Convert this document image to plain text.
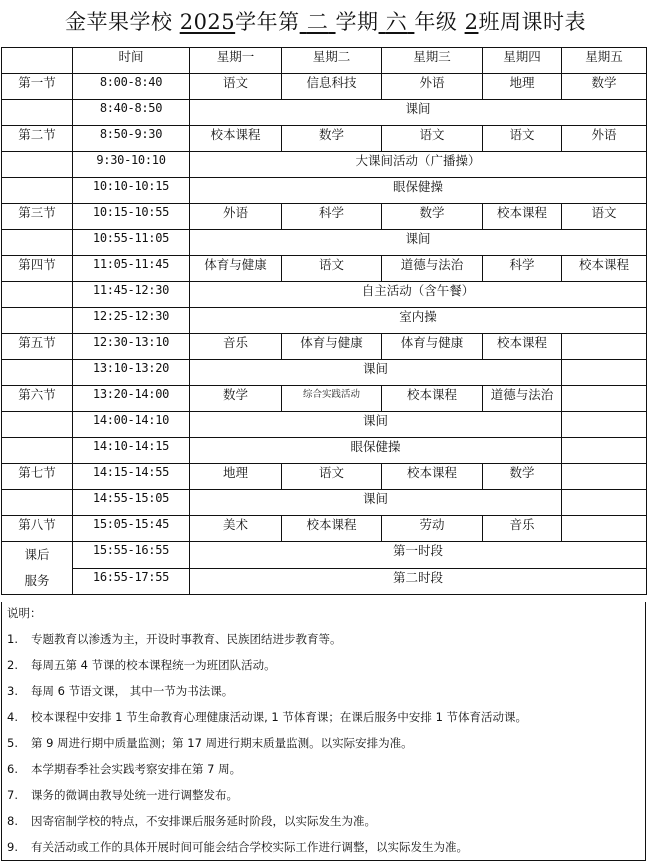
金苹果学校 2025学年第 二 学期 六 年级 2班周课时表
	时间	星期一	星期二	星期三	星期四	星期五
第一节	8:00-8:40	语文	信息科技	外语	地理	数学
	8:40-8:50	课间				
第二节	8:50-9:30	校本课程	数学	语文	语文	外语
	9:30-10:10	大课间活动（广播操）				
	10:10-10:15	眼保健操				
第三节	10:15-10:55	外语	科学	数学	校本课程	语文
	10:55-11:05	课间				
第四节	11:05-11:45	体育与健康	语文	道德与法治	科学	校本课程
	11:45-12:30	自主活动（含午餐）				
	12:25-12:30	室内操				
第五节	12:30-13:10	音乐	体育与健康	体育与健康	校本课程	
	13:10-13:20	课间				
第六节	13:20-14:00	数学	综合实践活动	校本课程	道德与法治	
	14:00-14:10	课间				
	14:10-14:15	眼保健操				
第七节	14:15-14:55	地理	语文	校本课程	数学	
	14:55-15:05	课间				
第八节	15:05-15:45	美术	校本课程	劳动	音乐	

课后
服务	15:55-16:55	第一时段				
	16:55-17:55	第二时段				
说明：
1. 专题教育以渗透为主，开设时事教育、民族团结进步教育等。
2. 每周五第 4 节课的校本课程统一为班团队活动。
3. 每周 6 节语文课， 其中一节为书法课。
4. 校本课程中安排 1 节生命教育心理健康活动课, 1 节体育课；在课后服务中安排 1 节体育活动课。
5. 第 9 周进行期中质量监测；第 17 周进行期末质量监测。以实际安排为准。
6. 本学期春季社会实践考察安排在第 7 周。
7. 课务的微调由教导处统一进行调整发布。
8. 因寄宿制学校的特点，不安排课后服务延时阶段，以实际发生为准。
9. 有关活动或工作的具体开展时间可能会结合学校实际工作进行调整，以实际发生为准。
